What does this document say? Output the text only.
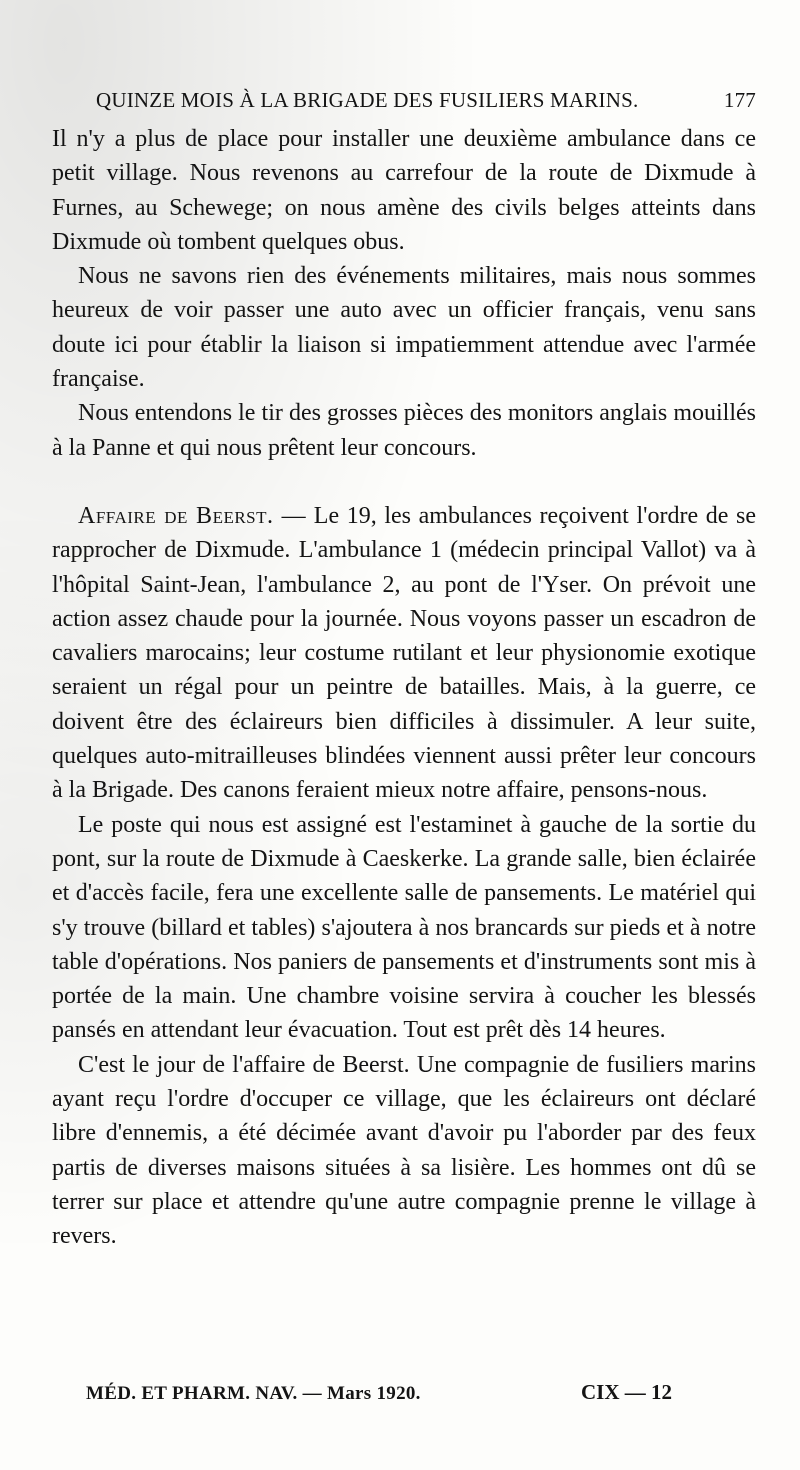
QUINZE MOIS À LA BRIGADE DES FUSILIERS MARINS.	177

Il n'y a plus de place pour installer une deuxième ambulance dans ce petit village. Nous revenons au carrefour de la route de Dixmude à Furnes, au Schewege; on nous amène des civils belges atteints dans Dixmude où tombent quelques obus.

Nous ne savons rien des événements militaires, mais nous sommes heureux de voir passer une auto avec un officier français, venu sans doute ici pour établir la liaison si impatiemment attendue avec l'armée française.

Nous entendons le tir des grosses pièces des monitors anglais mouillés à la Panne et qui nous prêtent leur concours.

Affaire de Beerst. — Le 19, les ambulances reçoivent l'ordre de se rapprocher de Dixmude. L'ambulance 1 (médecin principal Vallot) va à l'hôpital Saint-Jean, l'ambulance 2, au pont de l'Yser. On prévoit une action assez chaude pour la journée. Nous voyons passer un escadron de cavaliers marocains; leur costume rutilant et leur physionomie exotique seraient un régal pour un peintre de batailles. Mais, à la guerre, ce doivent être des éclaireurs bien difficiles à dissimuler. A leur suite, quelques auto-mitrailleuses blindées viennent aussi prêter leur concours à la Brigade. Des canons feraient mieux notre affaire, pensons-nous.

Le poste qui nous est assigné est l'estaminet à gauche de la sortie du pont, sur la route de Dixmude à Caeskerke. La grande salle, bien éclairée et d'accès facile, fera une excellente salle de pansements. Le matériel qui s'y trouve (billard et tables) s'ajoutera à nos brancards sur pieds et à notre table d'opérations. Nos paniers de pansements et d'instruments sont mis à portée de la main. Une chambre voisine servira à coucher les blessés pansés en attendant leur évacuation. Tout est prêt dès 14 heures.

C'est le jour de l'affaire de Beerst. Une compagnie de fusiliers marins ayant reçu l'ordre d'occuper ce village, que les éclaireurs ont déclaré libre d'ennemis, a été décimée avant d'avoir pu l'aborder par des feux partis de diverses maisons situées à sa lisière. Les hommes ont dû se terrer sur place et attendre qu'une autre compagnie prenne le village à revers.

MÉD. ET PHARM. NAV. — Mars 1920.	CIX — 12
